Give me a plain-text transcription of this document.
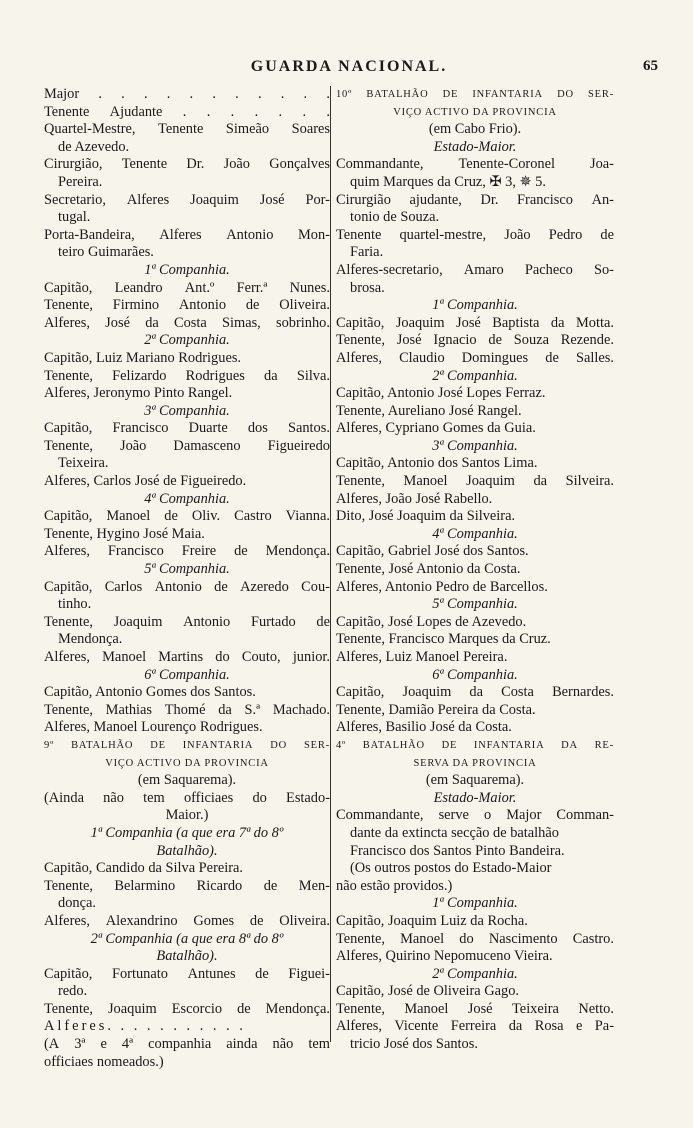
GUARDA NACIONAL.	65
Major . . . . . . . . . . .
Tenente Ajudante . . . . . . .
Quartel-Mestre, Tenente Simeão Soares
de Azevedo.
Cirurgião, Tenente Dr. João Gonçalves
Pereira.
Secretario, Alferes Joaquim José Por-
tugal.
Porta-Bandeira, Alferes Antonio Mon-
teiro Guimarães.
1ª Companhia.
Capitão, Leandro Ant.º Ferr.ª Nunes.
Tenente, Firmino Antonio de Oliveira.
Alferes, José da Costa Simas, sobrinho.
2ª Companhia.
Capitão, Luiz Mariano Rodrigues.
Tenente, Felizardo Rodrigues da Silva.
Alferes, Jeronymo Pinto Rangel.
3ª Companhia.
Capitão, Francisco Duarte dos Santos.
Tenente, João Damasceno Figueiredo
Teixeira.
Alferes, Carlos José de Figueiredo.
4ª Companhia.
Capitão, Manoel de Oliv. Castro Vianna.
Tenente, Hygino José Maia.
Alferes, Francisco Freire de Mendonça.
5ª Companhia.
Capitão, Carlos Antonio de Azeredo Cou-
tinho.
Tenente, Joaquim Antonio Furtado de
Mendonça.
Alferes, Manoel Martins do Couto, junior.
6ª Companhia.
Capitão, Antonio Gomes dos Santos.
Tenente, Mathias Thomé da S.ª Machado.
Alferes, Manoel Lourenço Rodrigues.
9º BATALHÃO DE INFANTARIA DO SER-
VIÇO ACTIVO DA PROVINCIA
(em Saquarema).
(Ainda não tem officiaes do Estado-
Maior.)
1ª Companhia (a que era 7ª do 8º
Batalhão).
Capitão, Candido da Silva Pereira.
Tenente, Belarmino Ricardo de Men-
donça.
Alferes, Alexandrino Gomes de Oliveira.
2ª Companhia (a que era 8ª do 8º
Batalhão).
Capitão, Fortunato Antunes de Figuei-
redo.
Tenente, Joaquim Escorcio de Mendonça.
Alferes. . . . . . . . . . .
(A 3ª e 4ª companhia ainda não tem
officiaes nomeados.)
10º BATALHÃO DE INFANTARIA DO SER-
VIÇO ACTIVO DA PROVINCIA
(em Cabo Frio).
Estado-Maior.
Commandante, Tenente-Coronel Joa-
quim Marques da Cruz, ✠ 3, ✵ 5.
Cirurgião ajudante, Dr. Francisco An-
tonio de Souza.
Tenente quartel-mestre, João Pedro de
Faria.
Alferes-secretario, Amaro Pacheco So-
brosa.
1ª Companhia.
Capitão, Joaquim José Baptista da Motta.
Tenente, José Ignacio de Souza Rezende.
Alferes, Claudio Domingues de Salles.
2ª Companhia.
Capitão, Antonio José Lopes Ferraz.
Tenente, Aureliano José Rangel.
Alferes, Cypriano Gomes da Guia.
3ª Companhia.
Capitão, Antonio dos Santos Lima.
Tenente, Manoel Joaquim da Silveira.
Alferes, João José Rabello.
Dito, José Joaquim da Silveira.
4ª Companhia.
Capitão, Gabriel José dos Santos.
Tenente, José Antonio da Costa.
Alferes, Antonio Pedro de Barcellos.
5ª Companhia.
Capitão, José Lopes de Azevedo.
Tenente, Francisco Marques da Cruz.
Alferes, Luiz Manoel Pereira.
6ª Companhia.
Capitão, Joaquim da Costa Bernardes.
Tenente, Damião Pereira da Costa.
Alferes, Basilio José da Costa.
4º BATALHÃO DE INFANTARIA DA RE-
SERVA DA PROVINCIA
(em Saquarema).
Estado-Maior.
Commandante, serve o Major Comman-
dante da extincta secção de batalhão
Francisco dos Santos Pinto Bandeira.
(Os outros postos do Estado-Maior
não estão providos.)
1ª Companhia.
Capitão, Joaquim Luiz da Rocha.
Tenente, Manoel do Nascimento Castro.
Alferes, Quirino Nepomuceno Vieira.
2ª Companhia.
Capitão, José de Oliveira Gago.
Tenente, Manoel José Teixeira Netto.
Alferes, Vicente Ferreira da Rosa e Pa-
tricio José dos Santos.
